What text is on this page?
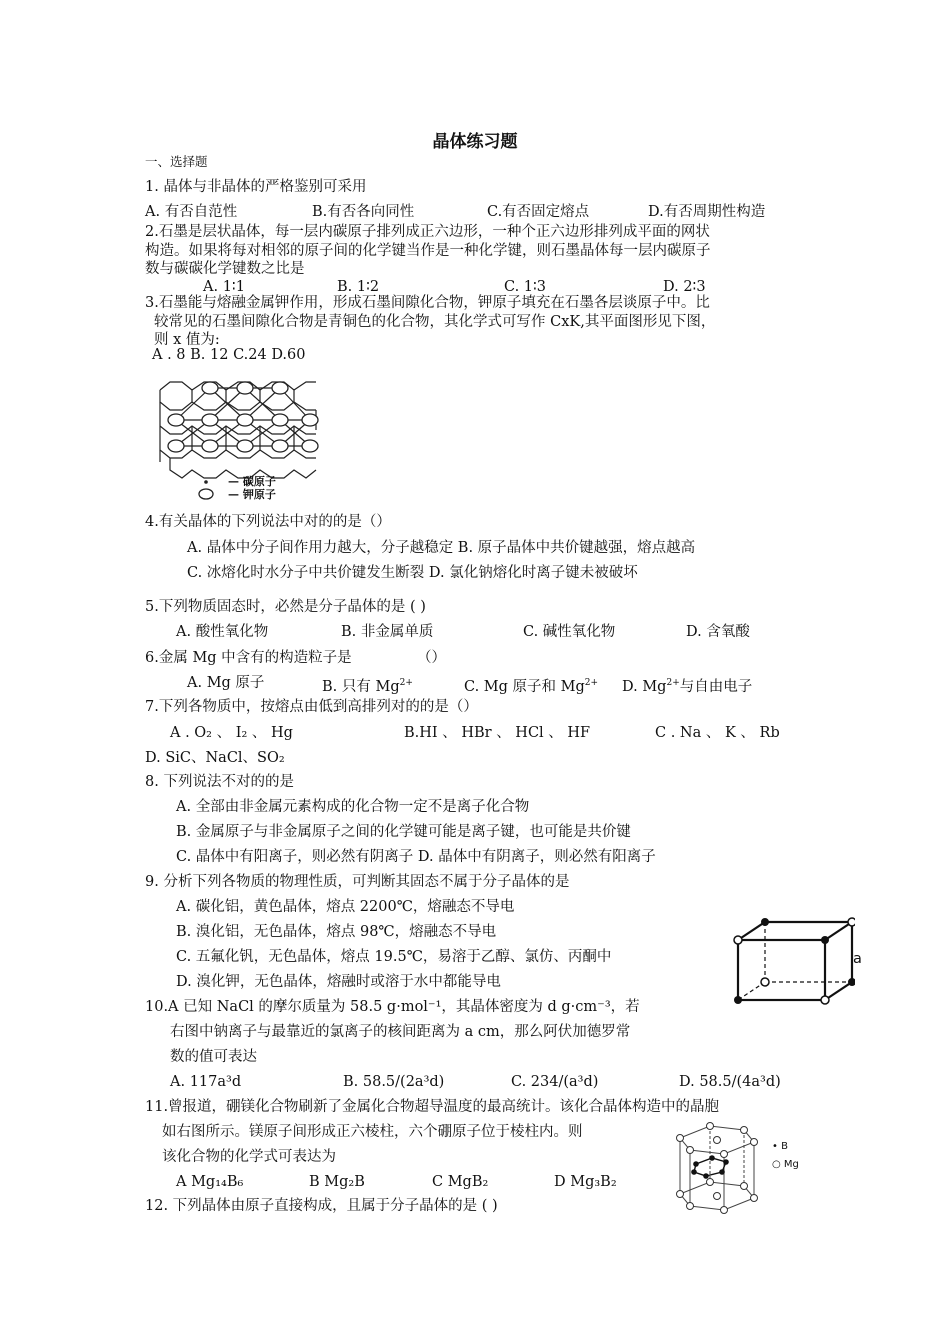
晶体练习题
一、选择题
1. 晶体与非晶体的严格鉴别可采用
A. 有否自范性	B.有否各向同性	C.有否固定熔点	D.有否周期性构造
2.石墨是层状晶体，每一层内碳原子排列成正六边形，一种个正六边形排列成平面的网状
构造。如果将每对相邻的原子间的化学键当作是一种化学键，则石墨晶体每一层内碳原子
数与碳碳化学键数之比是
A. 1∶1	B. 1∶2	C. 1∶3	D. 2∶3
3.石墨能与熔融金属钾作用，形成石墨间隙化合物，钾原子填充在石墨各层谈原子中。比
较常见的石墨间隙化合物是青铜色的化合物，其化学式可写作 CxK,其平面图形见下图，
则 x 值为:
A . 8 B. 12 C.24 D.60
— 碳原子
— 钾原子
4.有关晶体的下列说法中对的的是（）
A. 晶体中分子间作用力越大，分子越稳定 B. 原子晶体中共价键越强，熔点越高
C. 冰熔化时水分子中共价键发生断裂 D. 氯化钠熔化时离子键未被破坏
5.下列物质固态时，必然是分子晶体的是 ( )
A. 酸性氧化物	B. 非金属单质	C. 碱性氧化物	D. 含氧酸
6.金属 Mg 中含有的构造粒子是	（）
A. Mg 原子	B. 只有 $Mg^{2+}$	C. Mg 原子和 $Mg^{2+}$ D. $Mg^{2+}$与自由电子
7.下列各物质中，按熔点由低到高排列对的的是（）
A . O₂ 、 I₂ 、 Hg	B.HI 、 HBr 、 HCl 、 HF	C . Na 、 K 、 Rb
D. SiC、NaCl、SO₂
8. 下列说法不对的的是
A. 全部由非金属元素构成的化合物一定不是离子化合物
B. 金属原子与非金属原子之间的化学键可能是离子键，也可能是共价键
C. 晶体中有阳离子，则必然有阴离子 D. 晶体中有阴离子，则必然有阳离子
9. 分析下列各物质的物理性质，可判断其固态不属于分子晶体的是
A. 碳化铝，黄色晶体，熔点 2200℃，熔融态不导电
B. 溴化铝，无色晶体，熔点 98℃，熔融态不导电
C. 五氟化钒，无色晶体，熔点 19.5℃，易溶于乙醇、氯仿、丙酮中
D. 溴化钾，无色晶体，熔融时或溶于水中都能导电
a
10.A 已知 NaCl 的摩尔质量为 58.5 g·mol⁻¹，其晶体密度为 d g·cm⁻³，若
右图中钠离子与最靠近的氯离子的核间距离为 a cm，那么阿伏加德罗常
数的值可表达
A. 117a³d	B. 58.5/(2a³d)	C. 234/(a³d)	D. 58.5/(4a³d)
11.曾报道，硼镁化合物刷新了金属化合物超导温度的最高统计。该化合晶体构造中的晶胞
如右图所示。镁原子间形成正六棱柱，六个硼原子位于棱柱内。则
该化合物的化学式可表达为
A Mg₁₄B₆	B Mg₂B	C MgB₂	D Mg₃B₂
• B
○ Mg
12. 下列晶体由原子直接构成，且属于分子晶体的是 ( )
